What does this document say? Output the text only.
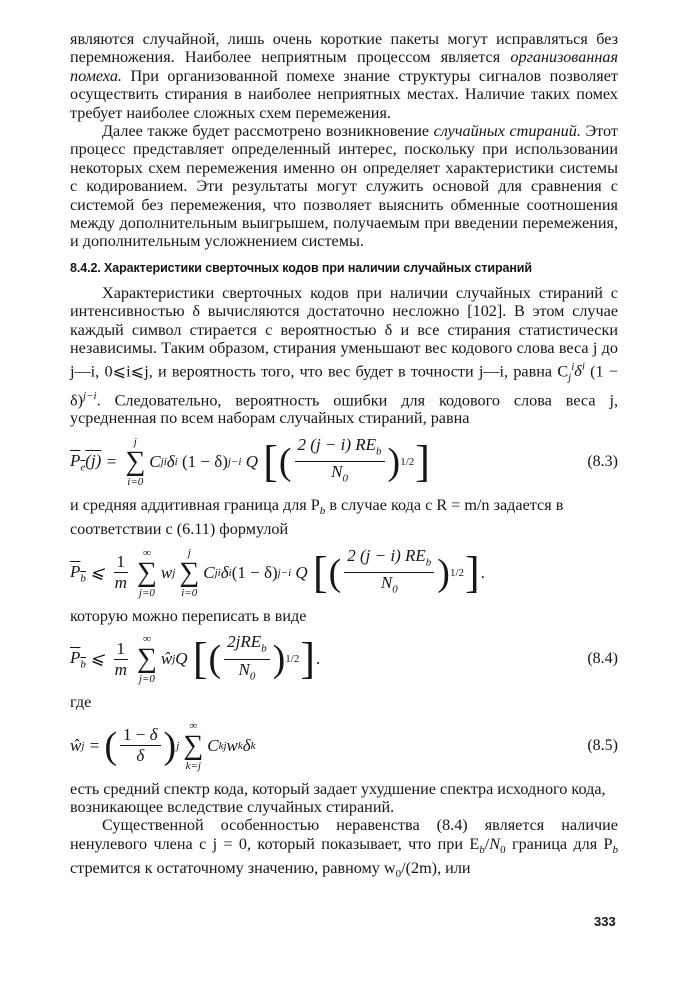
являются случайной, лишь очень короткие пакеты могут исправляться без перемножения. Наиболее неприятным процессом является организованная помеха. При организованной помехе знание структуры сигналов позволяет осуществить стирания в наиболее неприятных местах. Наличие таких помех требует наиболее сложных схем перемежения.

Далее также будет рассмотрено возникновение случайных стираний. Этот процесс представляет определенный интерес, поскольку при использовании некоторых схем перемежения именно он определяет характеристики системы с кодированием. Эти результаты могут служить основой для сравнения с системой без перемежения, что позволяет выяснить обменные соотношения между дополнительным выигрышем, получаемым при введении перемежения, и дополнительным усложнением системы.

8.4.2. Характеристики сверточных кодов при наличии случайных стираний

Характеристики сверточных кодов при наличии случайных стираний с интенсивностью δ вычисляются достаточно несложно [102]. В этом случае каждый символ стирается с вероятностью δ и все стирания статистически независимы. Таким образом, стирания уменьшают вес кодового слова веса j до j—i, 0⩽i⩽j, и вероятность того, что вес будет в точности j—i, равна $C_j^i\delta^i$ $(1 - \delta)^{j-i}$. Следовательно, вероятность ошибки для кодового слова веса j, усредненная по всем наборам случайных стираний, равна

$P_e(j)$ =
j
∑
i=0
C j i δ i (1 − δ) j−i Q [ ( $\frac{2 (j - i) RE_b}{N_0}$ ) 1/2 ]	(8.3)

и средняя аддитивная граница для $P_b$ в случае кода с R = m/n задается в соответствии с (6.11) формулой

$P_b$ ⩽ $\frac{1}{m}$ ∞
∑
j=0
w j
j
∑
i=0
C j i δ i (1 − δ) j−i Q [ ( $\frac{2 (j - i) RE_b}{N_0}$ ) 1/2 ] .

которую можно переписать в виде

$P_b$ ⩽ $\frac{1}{m}$ ∞
∑
j=0
ŵ j Q [ ( $\frac{2jRE_b}{N_0}$ ) 1/2 ] .	(8.4)

где

ŵ j = ( $\frac{1 - \delta}{\delta}$ ) j
∞
∑
k=j
C k j w k δ k	(8.5)

есть средний спектр кода, который задает ухудшение спектра исходного кода, возникающее вследствие случайных стираний.

Существенной особенностью неравенства (8.4) является наличие ненулевого члена с j = 0, который показывает, что при $E_b/N_0$ граница для $P_b$ стремится к остаточному значению, равному $w_0/(2m)$, или

333
